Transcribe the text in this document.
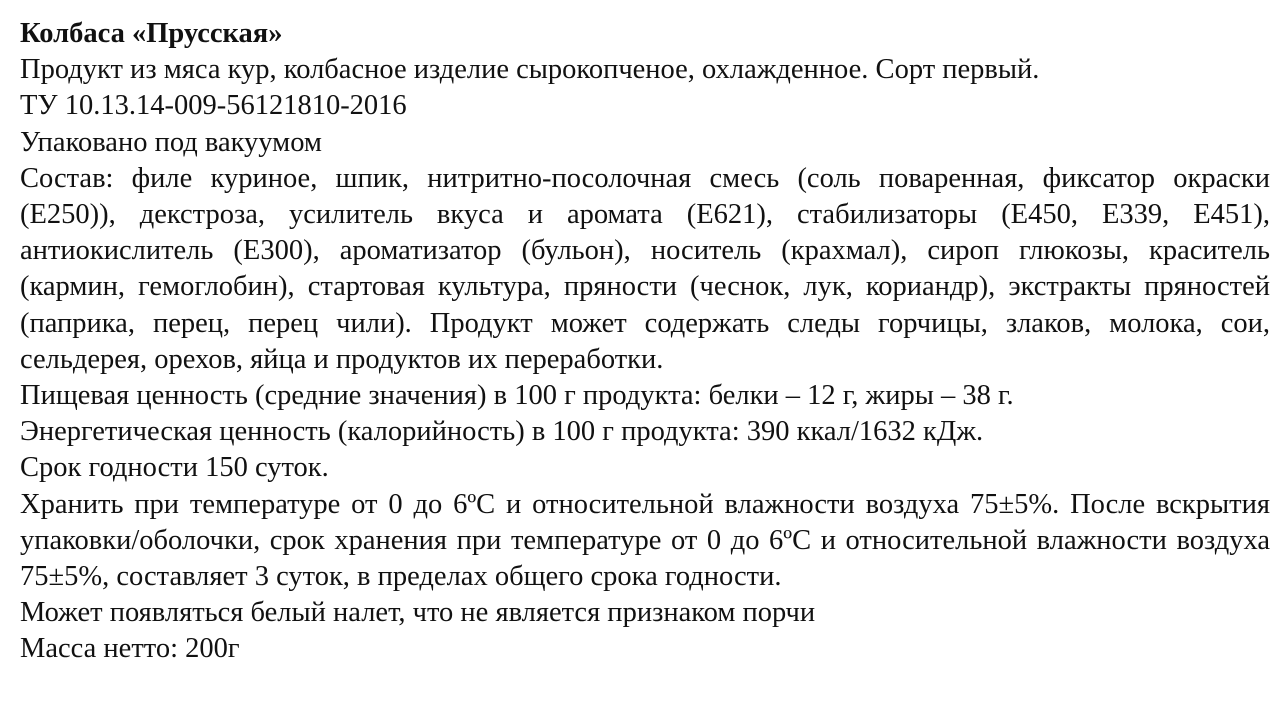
Колбаса «Прусская»

Продукт из мяса кур, колбасное изделие сырокопченое, охлажденное. Сорт первый.

ТУ 10.13.14-009-56121810-2016

Упаковано под вакуумом

Состав: филе куриное, шпик, нитритно-посолочная смесь (соль поваренная, фиксатор окраски (Е250)), декстроза, усилитель вкуса и аромата (Е621), стабилизаторы (Е450, Е339, Е451), антиокислитель (Е300), ароматизатор (бульон), носитель (крахмал), сироп глюкозы, краситель (кармин, гемоглобин), стартовая культура, пряности (чеснок, лук, кориандр), экстракты пряностей (паприка, перец, перец чили). Продукт может содержать следы горчицы, злаков, молока, сои, сельдерея, орехов, яйца и продуктов их переработки.

Пищевая ценность (средние значения) в 100 г продукта: белки – 12 г, жиры – 38 г.

Энергетическая ценность (калорийность) в 100 г продукта: 390 ккал/1632 кДж.

Срок годности 150 суток.

Хранить при температуре от 0 до 6ºС и относительной влажности воздуха 75±5%. После вскрытия упаковки/оболочки, срок хранения при температуре от 0 до 6ºС и относительной влажности воздуха 75±5%, составляет 3 суток, в пределах общего срока годности.

Может появляться белый налет, что не является признаком порчи

Масса нетто: 200г
